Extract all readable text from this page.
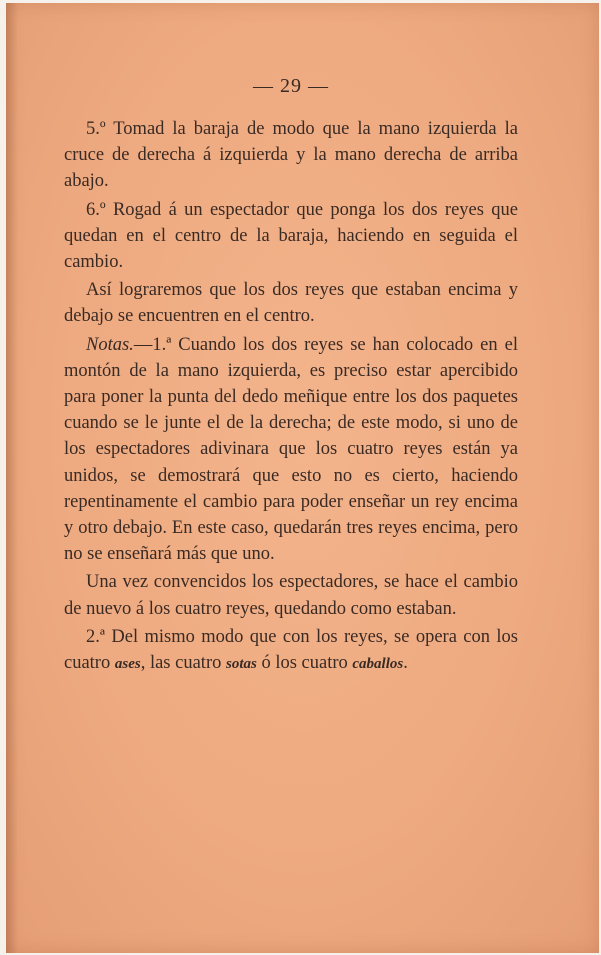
— 29 —

5.º Tomad la baraja de modo que la mano izquierda la cruce de derecha á izquierda y la mano derecha de arriba abajo.

6.º Rogad á un espectador que ponga los dos reyes que quedan en el centro de la baraja, haciendo en seguida el cambio.

Así lograremos que los dos reyes que estaban encima y debajo se encuentren en el centro.

Notas.—1.ª Cuando los dos reyes se han colocado en el montón de la mano izquierda, es preciso estar apercibido para poner la punta del dedo meñique entre los dos paquetes cuando se le junte el de la derecha; de este modo, si uno de los espectadores adivinara que los cuatro reyes están ya unidos, se demostrará que esto no es cierto, haciendo repentinamente el cambio para poder enseñar un rey encima y otro debajo. En este caso, quedarán tres reyes encima, pero no se enseñará más que uno.

Una vez convencidos los espectadores, se hace el cambio de nuevo á los cuatro reyes, quedando como estaban.

2.ª Del mismo modo que con los reyes, se opera con los cuatro ases, las cuatro sotas ó los cuatro caballos.
